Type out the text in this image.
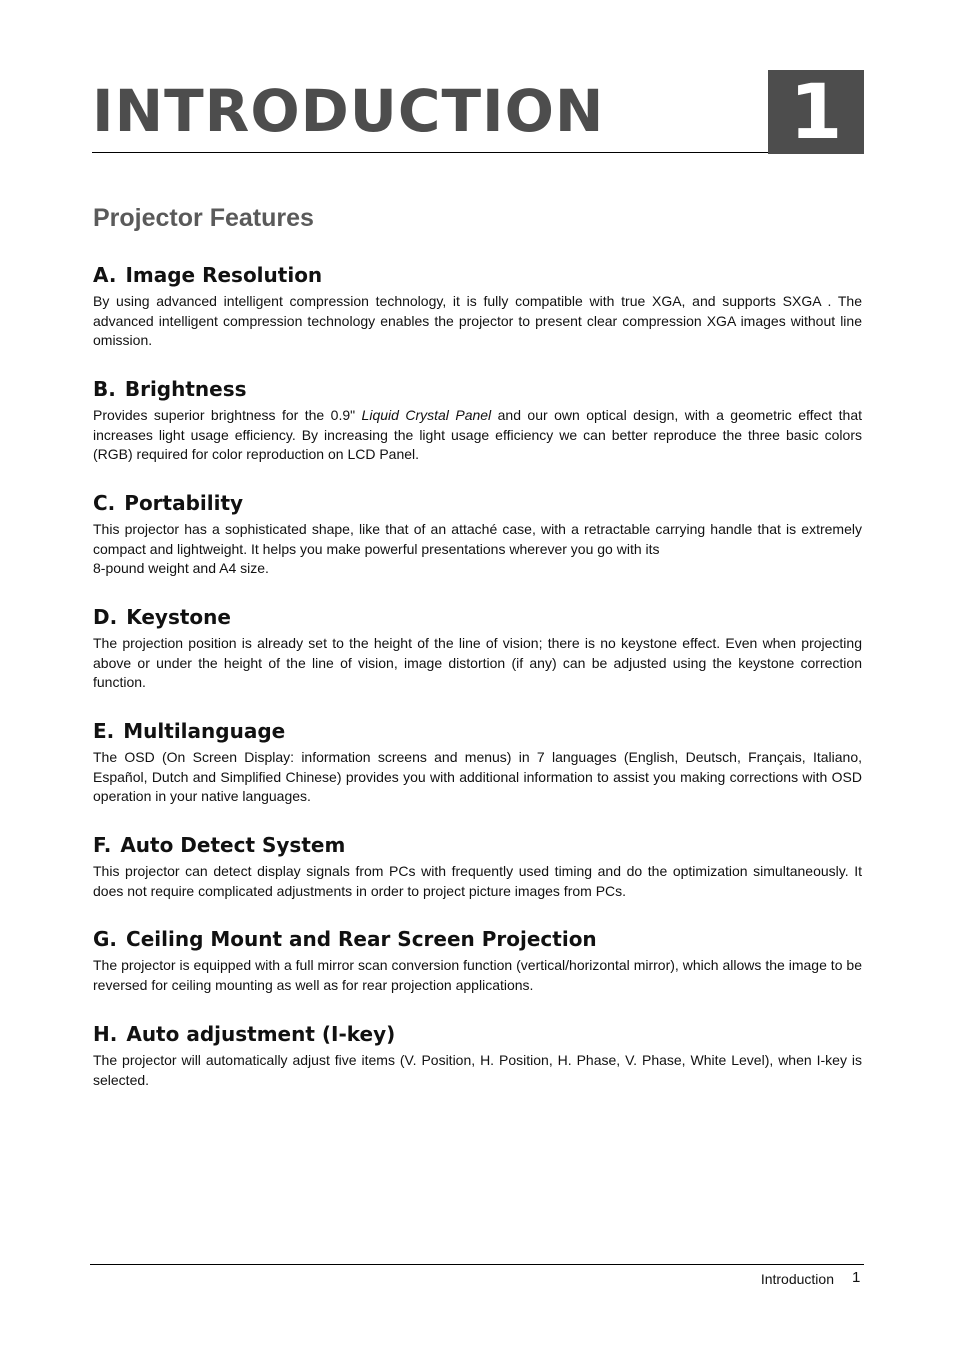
INTRODUCTION 1
Projector Features
A. Image Resolution

By using advanced intelligent compression technology, it is fully compatible with true XGA, and supports SXGA . The advanced intelligent compression technology enables the projector to present clear compression XGA images without line omission.

B. Brightness

Provides superior brightness for the 0.9" Liquid Crystal Panel and our own optical design, with a geometric effect that increases light usage efficiency. By increasing the light usage efficiency we can better reproduce the three basic colors (RGB) required for color reproduction on LCD Panel.

C. Portability

This projector has a sophisticated shape, like that of an attaché case, with a retractable carrying handle that is extremely compact and lightweight. It helps you make powerful presentations wherever you go with its
8-pound weight and A4 size.

D. Keystone

The projection position is already set to the height of the line of vision; there is no keystone effect. Even when projecting above or under the height of the line of vision, image distortion (if any) can be adjusted using the keystone correction function.

E. Multilanguage

The OSD (On Screen Display: information screens and menus) in 7 languages (English, Deutsch, Français, Italiano, Español, Dutch and Simplified Chinese) provides you with additional information to assist you making corrections with OSD operation in your native languages.

F. Auto Detect System

This projector can detect display signals from PCs with frequently used timing and do the optimization simultaneously. It does not require complicated adjustments in order to project picture images from PCs.

G. Ceiling Mount and Rear Screen Projection

The projector is equipped with a full mirror scan conversion function (vertical/horizontal mirror), which allows the image to be reversed for ceiling mounting as well as for rear projection applications.

H. Auto adjustment (I-key)

The projector will automatically adjust five items (V. Position, H. Position, H. Phase, V. Phase, White Level), when I-key is selected.

Introduction 1
